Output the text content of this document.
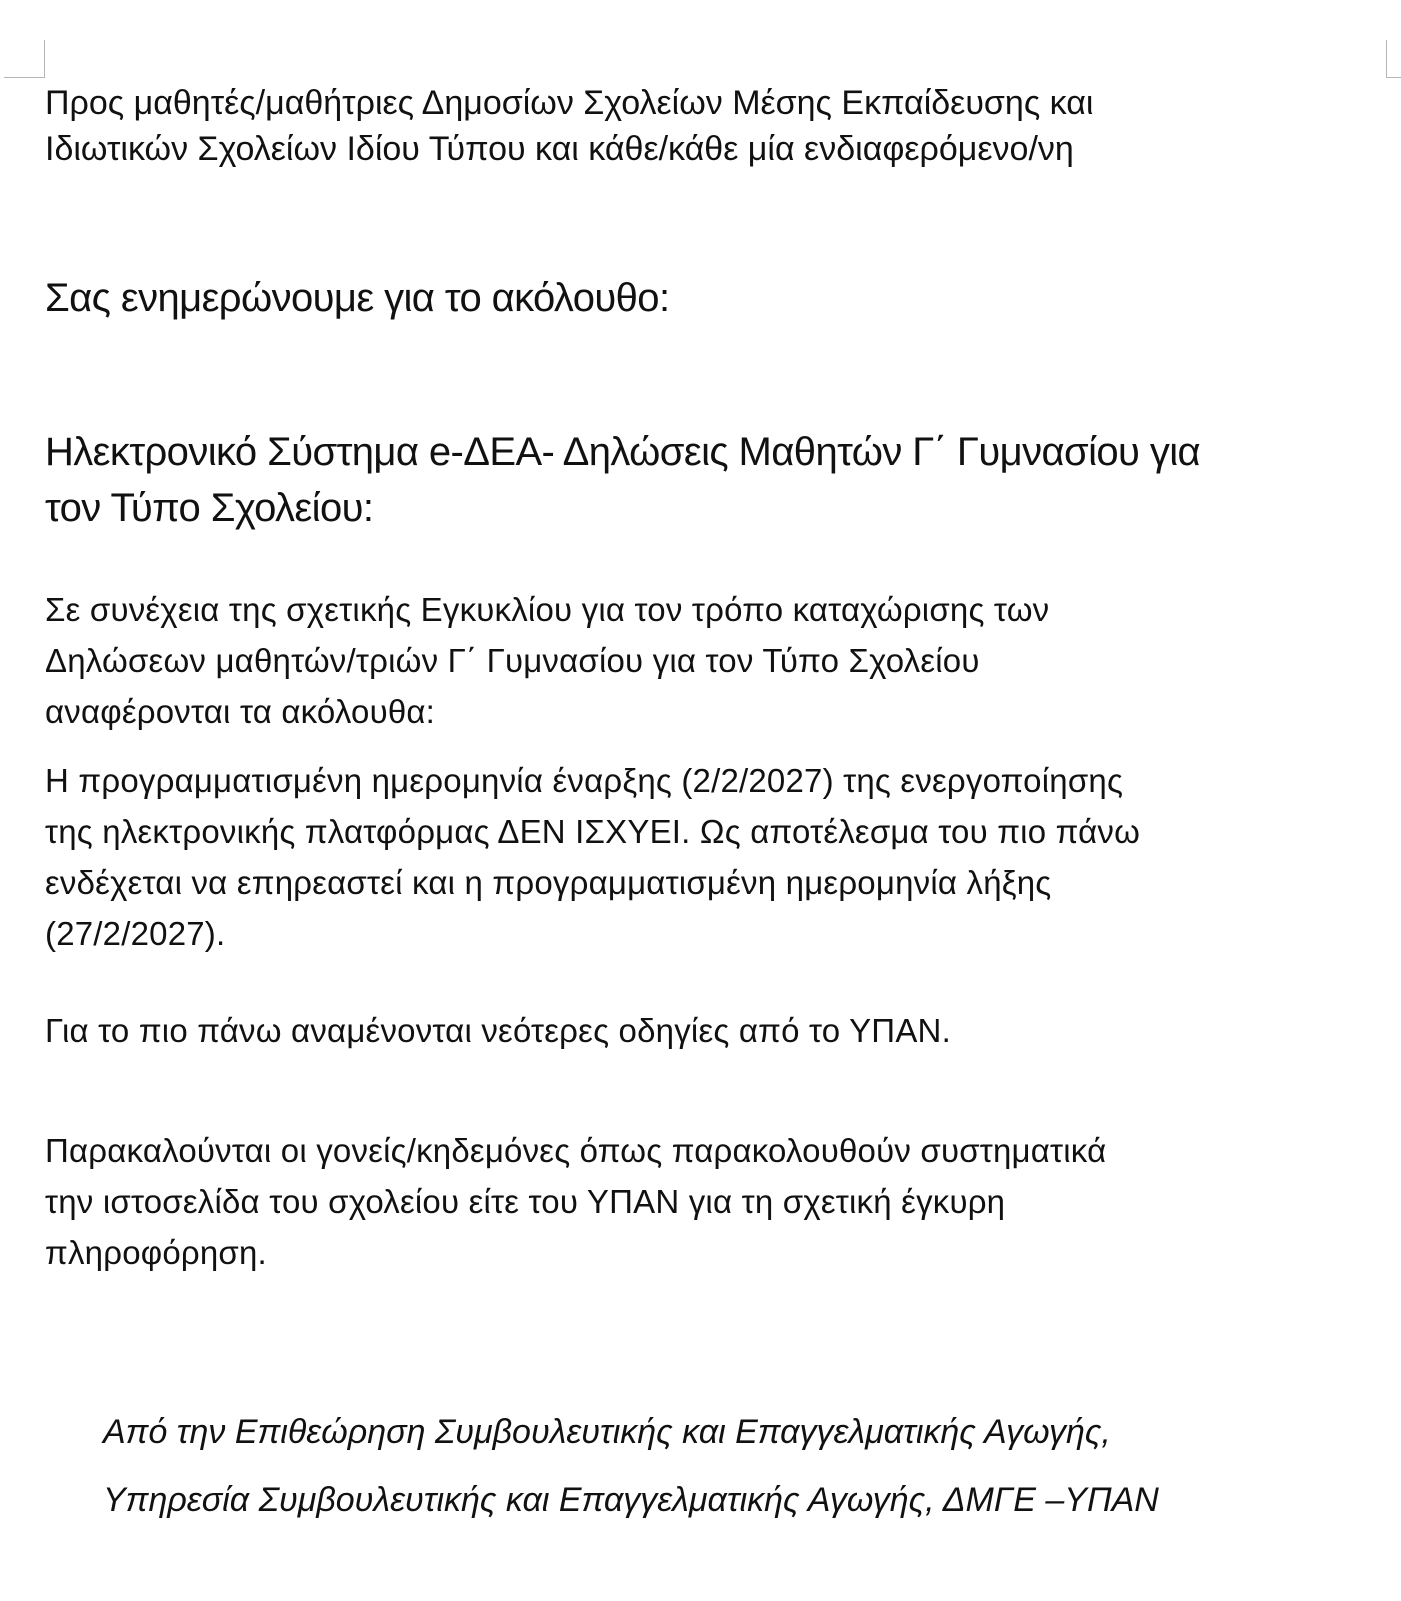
Προς μαθητές/μαθήτριες Δημοσίων Σχολείων Μέσης Εκπαίδευσης και
Ιδιωτικών Σχολείων Ιδίου Τύπου και κάθε/κάθε μία ενδιαφερόμενο/νη

Σας ενημερώνουμε για το ακόλουθο:
Ηλεκτρονικό Σύστημα e-ΔΕΑ- Δηλώσεις Μαθητών Γ΄ Γυμνασίου για
τον Τύπο Σχολείου:

Σε συνέχεια της σχετικής Εγκυκλίου για τον τρόπο καταχώρισης των
Δηλώσεων μαθητών/τριών Γ΄ Γυμνασίου για τον Τύπο Σχολείου
αναφέρονται τα ακόλουθα:

Η προγραμματισμένη ημερομηνία έναρξης (2/2/2027) της ενεργοποίησης
της ηλεκτρονικής πλατφόρμας ΔΕΝ ΙΣΧΥΕΙ. Ως αποτέλεσμα του πιο πάνω
ενδέχεται να επηρεαστεί και η προγραμματισμένη ημερομηνία λήξης
(27/2/2027).

Για το πιο πάνω αναμένονται νεότερες οδηγίες από το ΥΠΑΝ.

Παρακαλούνται οι γονείς/κηδεμόνες όπως παρακολουθούν συστηματικά
την ιστοσελίδα του σχολείου είτε του ΥΠΑΝ για τη σχετική έγκυρη
πληροφόρηση.

Από την Επιθεώρηση Συμβουλευτικής και Επαγγελματικής Αγωγής,

Υπηρεσία Συμβουλευτικής και Επαγγελματικής Αγωγής, ΔΜΓΕ –ΥΠΑΝ
